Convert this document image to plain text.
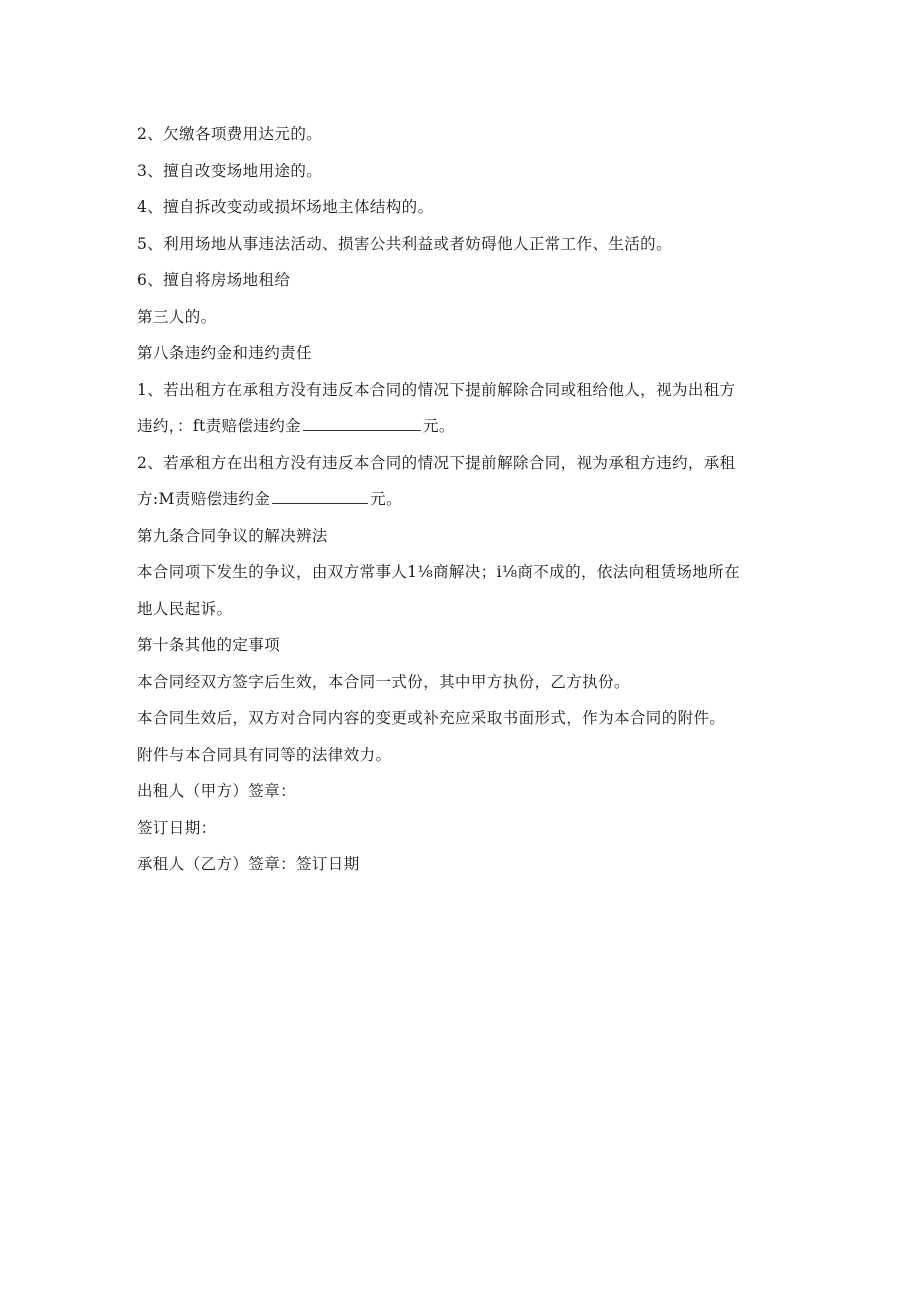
2、欠缴各项费用达元的。
3、擅自改变场地用途的。
4、擅自拆改变动或损坏场地主体结构的。
5、利用场地从事违法活动、损害公共利益或者妨碍他人正常工作、生活的。
6、擅自将房场地租给
第三人的。
第八条违约金和违约责任
1、若出租方在承租方没有违反本合同的情况下提前解除合同或租给他人，视为出租方
违约，：ft责赔偿违约金	元。
2、若承租方在出租方没有违反本合同的情况下提前解除合同，视为承租方违约，承租
方:M责赔偿违约金	元。
第九条合同争议的解决辨法
本合同项下发生的争议，由双方常事人1⅛商解决；i⅛商不成的，依法向租赁场地所在
地人民起诉。
第十条其他的定事项
本合同经双方签字后生效，本合同一式份，其中甲方执份，乙方执份。
本合同生效后，双方对合同内容的变更或补充应采取书面形式，作为本合同的附件。
附件与本合同具有同等的法律效力。
出租人（甲方）签章：
签订日期：
承租人（乙方）签章：签订日期
